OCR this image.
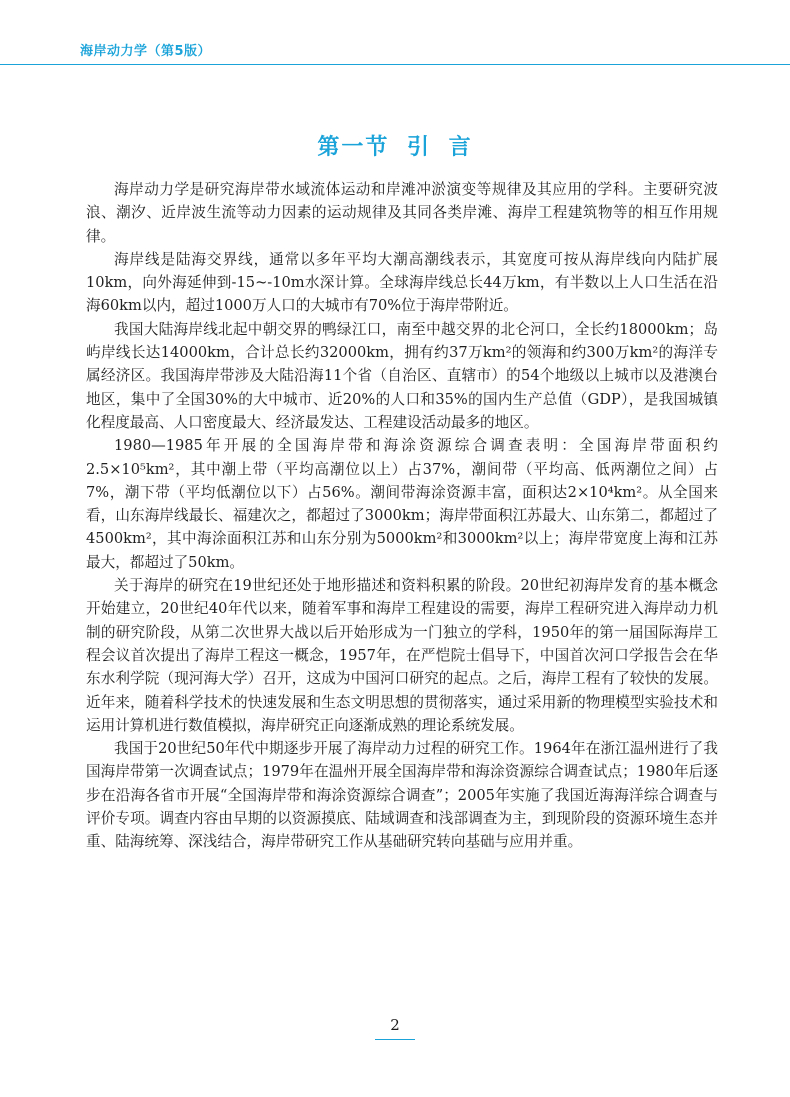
海岸动力学（第5版）
第一节 引 言

海岸动力学是研究海岸带水域流体运动和岸滩冲淤演变等规律及其应用的学科。主要研究波浪、潮汐、近岸波生流等动力因素的运动规律及其同各类岸滩、海岸工程建筑物等的相互作用规律。

海岸线是陆海交界线，通常以多年平均大潮高潮线表示，其宽度可按从海岸线向内陆扩展10km，向外海延伸到-15~-10m水深计算。全球海岸线总长44万km，有半数以上人口生活在沿海60km以内，超过1000万人口的大城市有70%位于海岸带附近。

我国大陆海岸线北起中朝交界的鸭绿江口，南至中越交界的北仑河口，全长约18000km；岛屿岸线长达14000km，合计总长约32000km，拥有约37万km²的领海和约300万km²的海洋专属经济区。我国海岸带涉及大陆沿海11个省（自治区、直辖市）的54个地级以上城市以及港澳台地区，集中了全国30%的大中城市、近20%的人口和35%的国内生产总值（GDP），是我国城镇化程度最高、人口密度最大、经济最发达、工程建设活动最多的地区。

1980—1985年开展的全国海岸带和海涂资源综合调查表明：全国海岸带面积约2.5×10⁵km²，其中潮上带（平均高潮位以上）占37%，潮间带（平均高、低两潮位之间）占7%，潮下带（平均低潮位以下）占56%。潮间带海涂资源丰富，面积达2×10⁴km²。从全国来看，山东海岸线最长、福建次之，都超过了3000km；海岸带面积江苏最大、山东第二，都超过了4500km²，其中海涂面积江苏和山东分别为5000km²和3000km²以上；海岸带宽度上海和江苏最大，都超过了50km。

关于海岸的研究在19世纪还处于地形描述和资料积累的阶段。20世纪初海岸发育的基本概念开始建立，20世纪40年代以来，随着军事和海岸工程建设的需要，海岸工程研究进入海岸动力机制的研究阶段，从第二次世界大战以后开始形成为一门独立的学科，1950年的第一届国际海岸工程会议首次提出了海岸工程这一概念，1957年，在严恺院士倡导下，中国首次河口学报告会在华东水利学院（现河海大学）召开，这成为中国河口研究的起点。之后，海岸工程有了较快的发展。近年来，随着科学技术的快速发展和生态文明思想的贯彻落实，通过采用新的物理模型实验技术和运用计算机进行数值模拟，海岸研究正向逐渐成熟的理论系统发展。

我国于20世纪50年代中期逐步开展了海岸动力过程的研究工作。1964年在浙江温州进行了我国海岸带第一次调查试点；1979年在温州开展全国海岸带和海涂资源综合调查试点；1980年后逐步在沿海各省市开展“全国海岸带和海涂资源综合调查”；2005年实施了我国近海海洋综合调查与评价专项。调查内容由早期的以资源摸底、陆域调查和浅部调查为主，到现阶段的资源环境生态并重、陆海统筹、深浅结合，海岸带研究工作从基础研究转向基础与应用并重。

2
